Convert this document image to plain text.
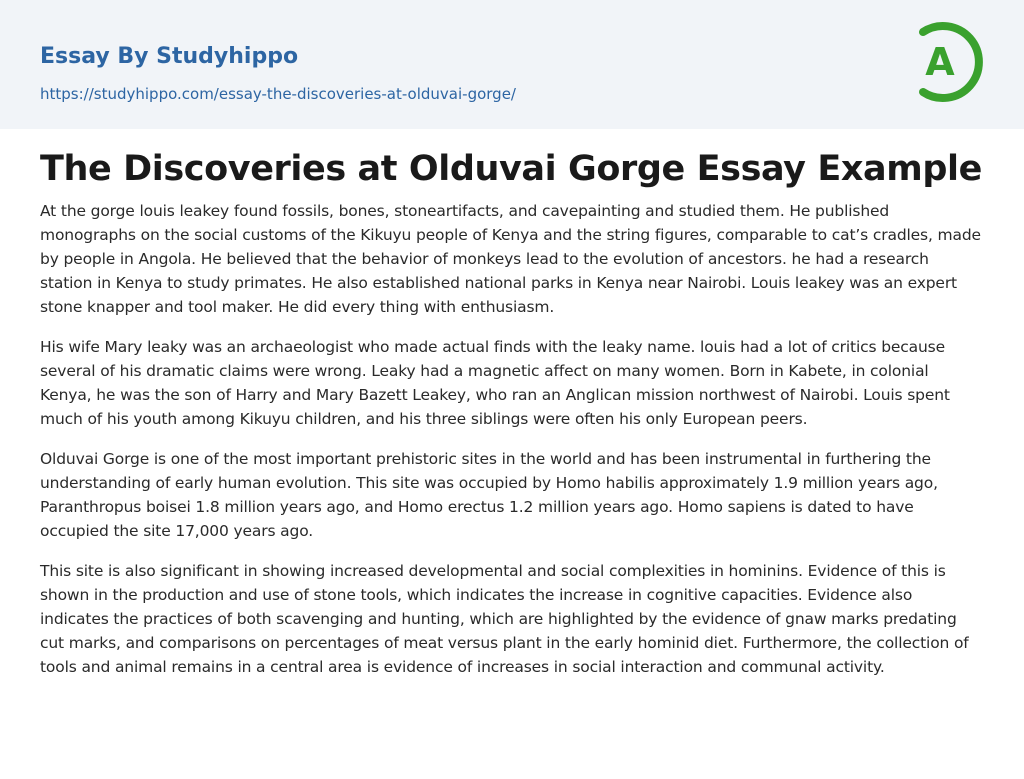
Essay By Studyhippo
https://studyhippo.com/essay-the-discoveries-at-olduvai-gorge/
A
The Discoveries at Olduvai Gorge Essay Example

At the gorge louis leakey found fossils, bones, stoneartifacts, and cavepainting and studied them. He published monographs on the social customs of the Kikuyu people of Kenya and the string figures, comparable to cat’s cradles, made by people in Angola. He believed that the behavior of monkeys lead to the evolution of ancestors. he had a research station in Kenya to study primates. He also established national parks in Kenya near Nairobi. Louis leakey was an expert stone knapper and tool maker. He did every thing with enthusiasm.

His wife Mary leaky was an archaeologist who made actual finds with the leaky name. louis had a lot of critics because several of his dramatic claims were wrong. Leaky had a magnetic affect on many women. Born in Kabete, in colonial Kenya, he was the son of Harry and Mary Bazett Leakey, who ran an Anglican mission northwest of Nairobi. Louis spent much of his youth among Kikuyu children, and his three siblings were often his only European peers.

Olduvai Gorge is one of the most important prehistoric sites in the world and has been instrumental in furthering the understanding of early human evolution. This site was occupied by Homo habilis approximately 1.9 million years ago, Paranthropus boisei 1.8 million years ago, and Homo erectus 1.2 million years ago. Homo sapiens is dated to have occupied the site 17,000 years ago.

This site is also significant in showing increased developmental and social complexities in hominins. Evidence of this is shown in the production and use of stone tools, which indicates the increase in cognitive capacities. Evidence also indicates the practices of both scavenging and hunting, which are highlighted by the evidence of gnaw marks predating cut marks, and comparisons on percentages of meat versus plant in the early hominid diet. Furthermore, the collection of tools and animal remains in a central area is evidence of increases in social interaction and communal activity.
